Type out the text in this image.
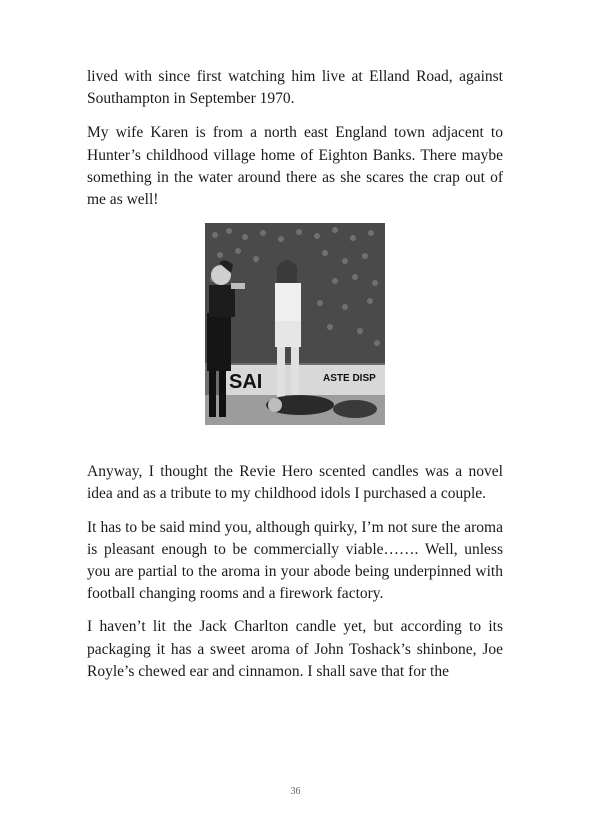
lived with since first watching him live at Elland Road, against Southampton in September 1970.

My wife Karen is from a north east England town adjacent to Hunter’s childhood village home of Eighton Banks. There maybe something in the water around there as she scares the crap out of me as well!

SAI	ASTE DISP

Anyway, I thought the Revie Hero scented candles was a novel idea and as a tribute to my childhood idols I purchased a couple.

It has to be said mind you, although quirky, I’m not sure the aroma is pleasant enough to be commercially viable……. Well, unless you are partial to the aroma in your abode being underpinned with football changing rooms and a firework factory.

I haven’t lit the Jack Charlton candle yet, but according to its packaging it has a sweet aroma of John Toshack’s shinbone, Joe Royle’s chewed ear and cinnamon. I shall save that for the

36
